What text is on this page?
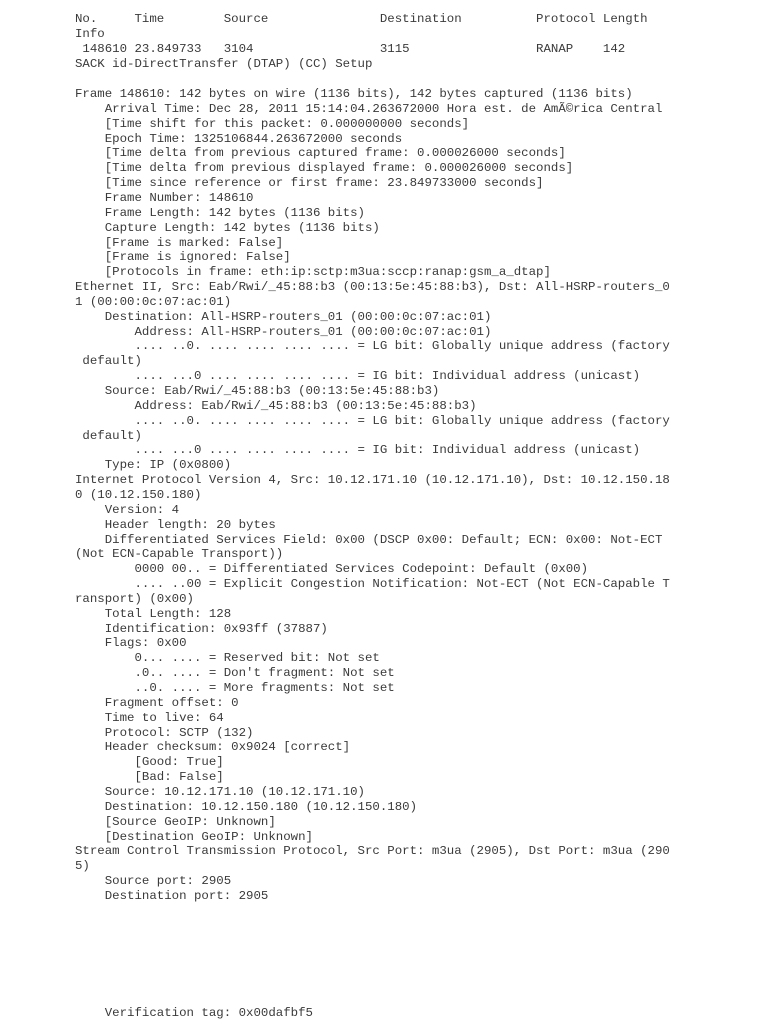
No.     Time        Source               Destination          Protocol Length
Info
148610 23.849733   3104                 3115                 RANAP    142
SACK id-DirectTransfer (DTAP) (CC) Setup
Frame 148610: 142 bytes on wire (1136 bits), 142 bytes captured (1136 bits)
Arrival Time: Dec 28, 2011 15:14:04.263672000 Hora est. de AmÃ©rica Central
[Time shift for this packet: 0.000000000 seconds]
Epoch Time: 1325106844.263672000 seconds
[Time delta from previous captured frame: 0.000026000 seconds]
[Time delta from previous displayed frame: 0.000026000 seconds]
[Time since reference or first frame: 23.849733000 seconds]
Frame Number: 148610
Frame Length: 142 bytes (1136 bits)
Capture Length: 142 bytes (1136 bits)
[Frame is marked: False]
[Frame is ignored: False]
[Protocols in frame: eth:ip:sctp:m3ua:sccp:ranap:gsm_a_dtap]
Ethernet II, Src: Eab/Rwi/_45:88:b3 (00:13:5e:45:88:b3), Dst: All-HSRP-routers_0
1 (00:00:0c:07:ac:01)
Destination: All-HSRP-routers_01 (00:00:0c:07:ac:01)
Address: All-HSRP-routers_01 (00:00:0c:07:ac:01)
.... ..0. .... .... .... .... = LG bit: Globally unique address (factory
default)
.... ...0 .... .... .... .... = IG bit: Individual address (unicast)
Source: Eab/Rwi/_45:88:b3 (00:13:5e:45:88:b3)
Address: Eab/Rwi/_45:88:b3 (00:13:5e:45:88:b3)
.... ..0. .... .... .... .... = LG bit: Globally unique address (factory
default)
.... ...0 .... .... .... .... = IG bit: Individual address (unicast)
Type: IP (0x0800)
Internet Protocol Version 4, Src: 10.12.171.10 (10.12.171.10), Dst: 10.12.150.18
0 (10.12.150.180)
Version: 4
Header length: 20 bytes
Differentiated Services Field: 0x00 (DSCP 0x00: Default; ECN: 0x00: Not-ECT
(Not ECN-Capable Transport))
0000 00.. = Differentiated Services Codepoint: Default (0x00)
.... ..00 = Explicit Congestion Notification: Not-ECT (Not ECN-Capable T
ransport) (0x00)
Total Length: 128
Identification: 0x93ff (37887)
Flags: 0x00
0... .... = Reserved bit: Not set
.0.. .... = Don't fragment: Not set
..0. .... = More fragments: Not set
Fragment offset: 0
Time to live: 64
Protocol: SCTP (132)
Header checksum: 0x9024 [correct]
[Good: True]
[Bad: False]
Source: 10.12.171.10 (10.12.171.10)
Destination: 10.12.150.180 (10.12.150.180)
[Source GeoIP: Unknown]
[Destination GeoIP: Unknown]
Stream Control Transmission Protocol, Src Port: m3ua (2905), Dst Port: m3ua (290
5)
Source port: 2905
Destination port: 2905
Verification tag: 0x00dafbf5
